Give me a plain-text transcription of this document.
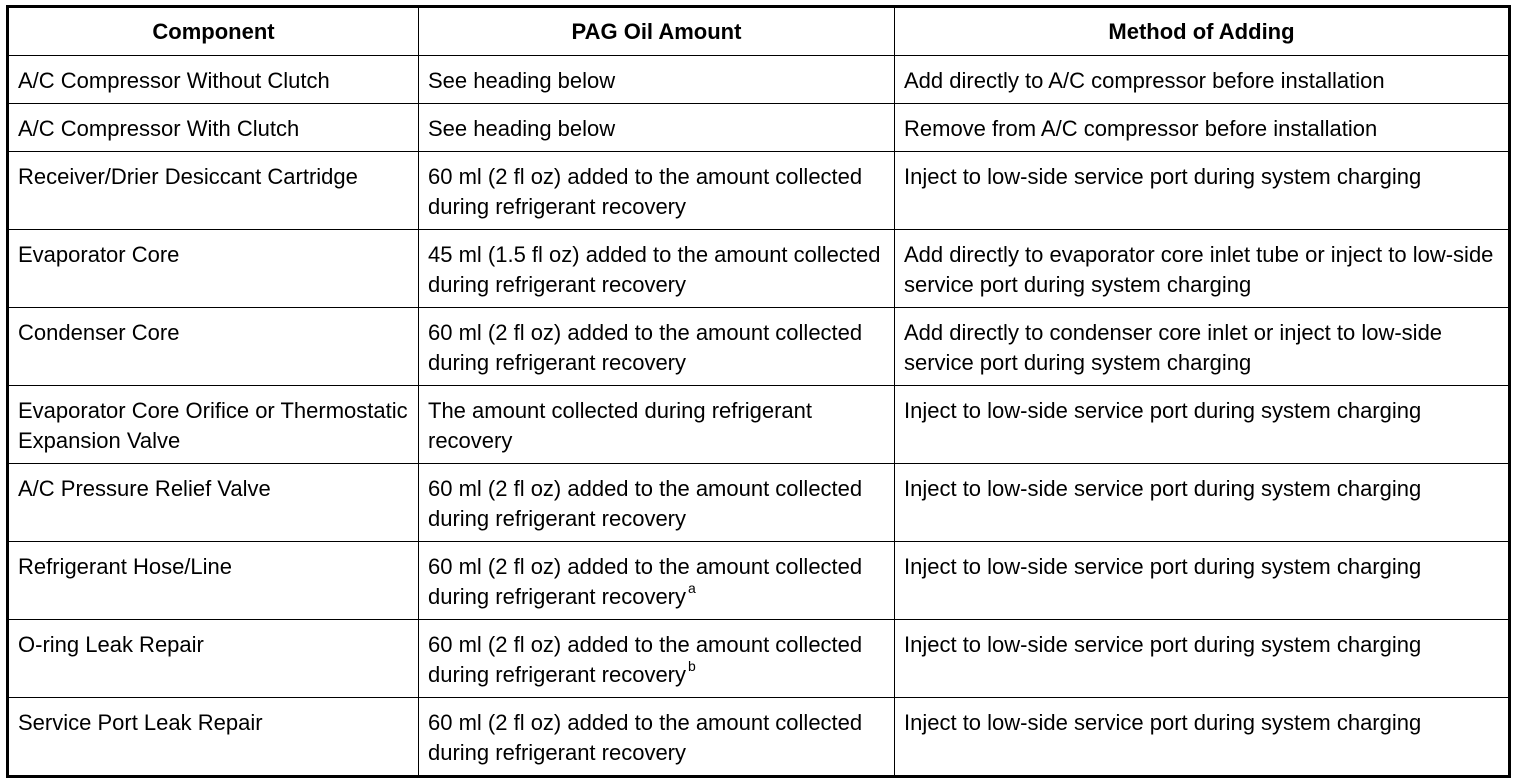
Component	PAG Oil Amount	Method of Adding
A/C Compressor Without Clutch	See heading below	Add directly to A/C compressor before installation
A/C Compressor With Clutch	See heading below	Remove from A/C compressor before installation
Receiver/Drier Desiccant Cartridge	60 ml (2 fl oz) added to the amount collected during refrigerant recovery	Inject to low-side service port during system charging
Evaporator Core	45 ml (1.5 fl oz) added to the amount collected during refrigerant recovery	Add directly to evaporator core inlet tube or inject to low-side service port during system charging
Condenser Core	60 ml (2 fl oz) added to the amount collected during refrigerant recovery	Add directly to condenser core inlet or inject to low-side service port during system charging
Evaporator Core Orifice or Thermostatic Expansion Valve	The amount collected during refrigerant recovery	Inject to low-side service port during system charging
A/C Pressure Relief Valve	60 ml (2 fl oz) added to the amount collected during refrigerant recovery	Inject to low-side service port during system charging
Refrigerant Hose/Line	60 ml (2 fl oz) added to the amount collected during refrigerant recovery $^a$	Inject to low-side service port during system charging
O-ring Leak Repair	60 ml (2 fl oz) added to the amount collected during refrigerant recovery $^b$	Inject to low-side service port during system charging
Service Port Leak Repair	60 ml (2 fl oz) added to the amount collected during refrigerant recovery	Inject to low-side service port during system charging
